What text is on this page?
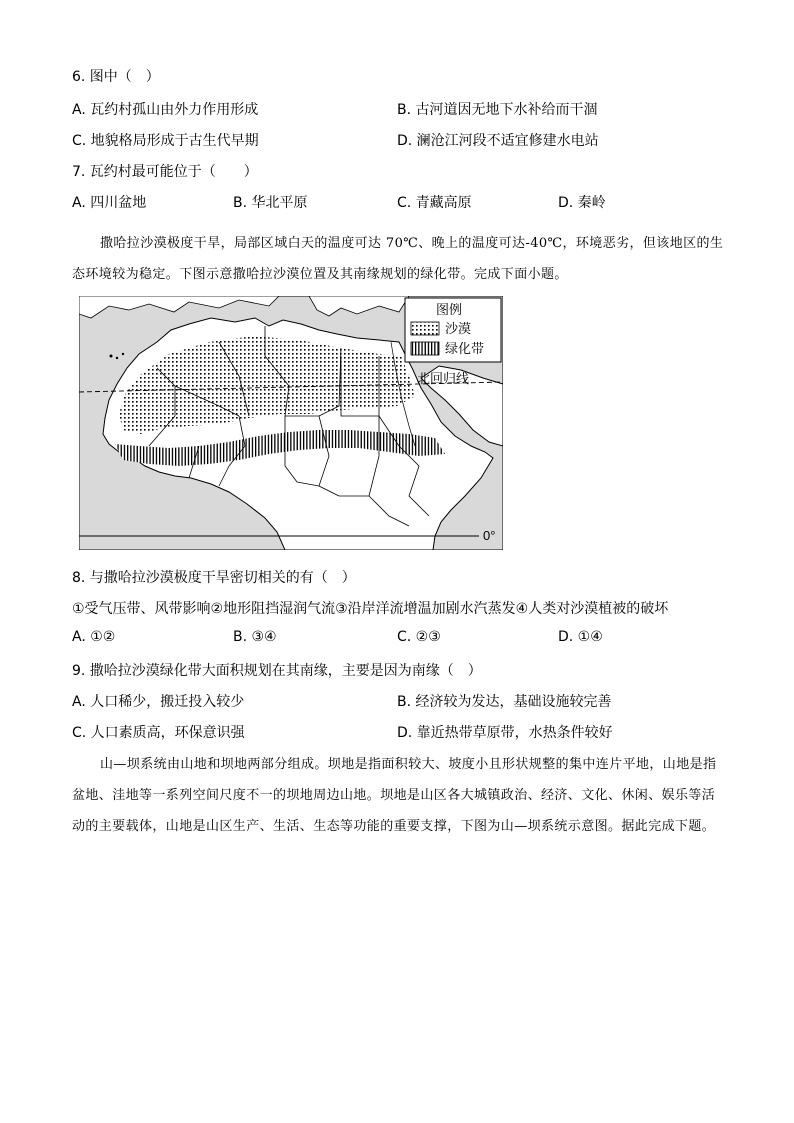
6. 图中（　）
A. 瓦约村孤山由外力作用形成	B. 古河道因无地下水补给而干涸
C. 地貌格局形成于古生代早期	D. 澜沧江河段不适宜修建水电站
7. 瓦约村最可能位于（　　）
A. 四川盆地	B. 华北平原	C. 青藏高原	D. 秦岭
撒哈拉沙漠极度干旱，局部区域白天的温度可达 70℃、晚上的温度可达-40℃，环境恶劣，但该地区的生态环境较为稳定。下图示意撒哈拉沙漠位置及其南缘规划的绿化带。完成下面小题。
北回归线
0°
图例
沙漠
绿化带
8. 与撒哈拉沙漠极度干旱密切相关的有（　）
①受气压带、风带影响②地形阻挡湿润气流③沿岸洋流增温加剧水汽蒸发④人类对沙漠植被的破坏
A. ①②	B. ③④	C. ②③	D. ①④
9. 撒哈拉沙漠绿化带大面积规划在其南缘，主要是因为南缘（　）
A. 人口稀少，搬迁投入较少	B. 经济较为发达，基础设施较完善
C. 人口素质高，环保意识强	D. 靠近热带草原带，水热条件较好
山—坝系统由山地和坝地两部分组成。坝地是指面积较大、坡度小且形状规整的集中连片平地，山地是指盆地、洼地等一系列空间尺度不一的坝地周边山地。坝地是山区各大城镇政治、经济、文化、休闲、娱乐等活动的主要载体，山地是山区生产、生活、生态等功能的重要支撑，下图为山—坝系统示意图。据此完成下题。
